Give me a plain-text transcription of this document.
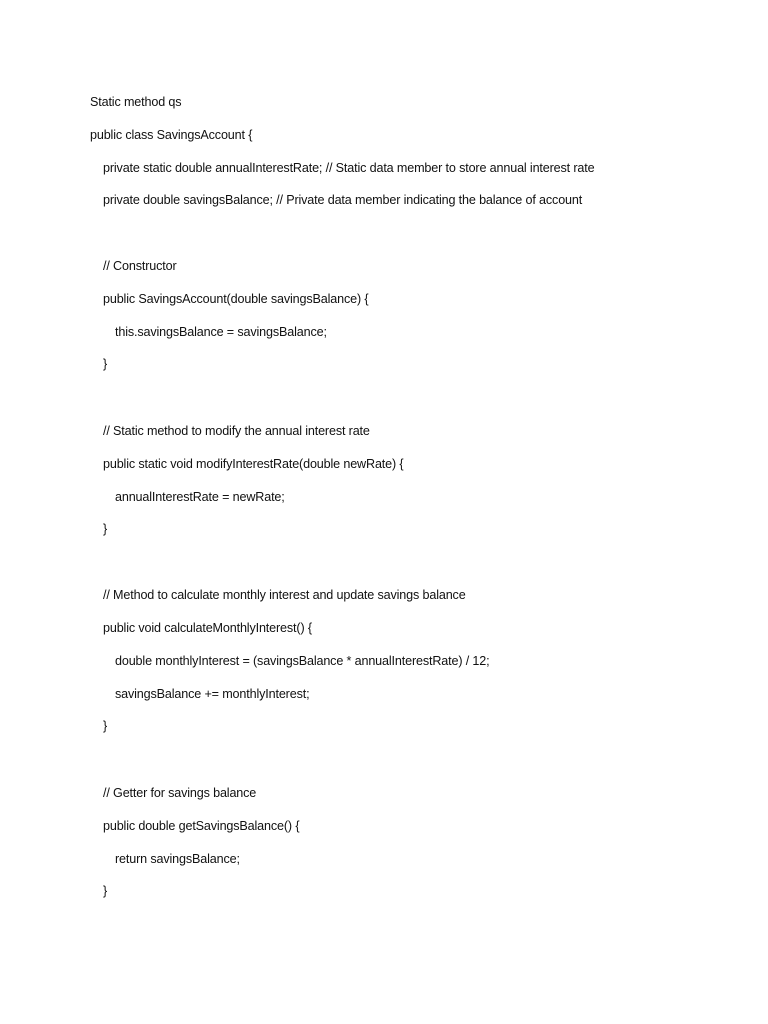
Static method qs
public class SavingsAccount {
private static double annualInterestRate; // Static data member to store annual interest rate
private double savingsBalance; // Private data member indicating the balance of account
// Constructor
public SavingsAccount(double savingsBalance) {
this.savingsBalance = savingsBalance;
}
// Static method to modify the annual interest rate
public static void modifyInterestRate(double newRate) {
annualInterestRate = newRate;
}
// Method to calculate monthly interest and update savings balance
public void calculateMonthlyInterest() {
double monthlyInterest = (savingsBalance * annualInterestRate) / 12;
savingsBalance += monthlyInterest;
}
// Getter for savings balance
public double getSavingsBalance() {
return savingsBalance;
}
